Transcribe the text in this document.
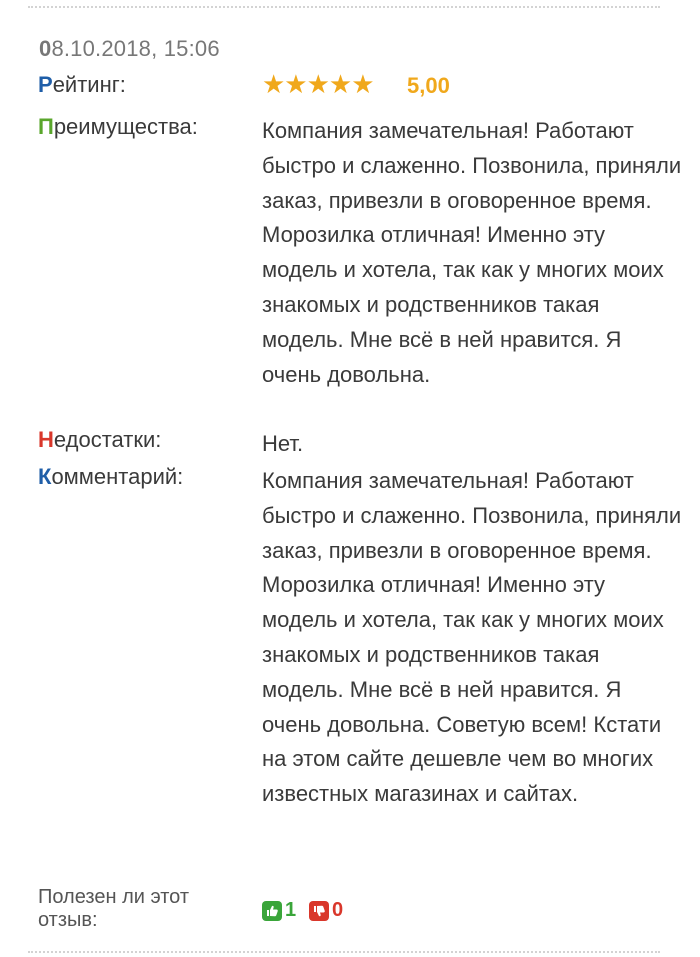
08.10.2018, 15:06
Рейтинг:	★★★★★ 5,00
Преимущества:	Компания замечательная! Работают быстро и слаженно. Позвонила, приняли заказ, привезли в оговоренное время. Морозилка отличная! Именно эту модель и хотела, так как у многих моих знакомых и родственников такая модель. Мне всё в ней нравится. Я очень довольна.
Недостатки:	Нет.
Комментарий:	Компания замечательная! Работают быстро и слаженно. Позвонила, приняли заказ, привезли в оговоренное время. Морозилка отличная! Именно эту модель и хотела, так как у многих моих знакомых и родственников такая модель. Мне всё в ней нравится. Я очень довольна. Советую всем! Кстати на этом сайте дешевле чем во многих известных магазинах и сайтах.
Полезен ли этот отзыв:	1 0
